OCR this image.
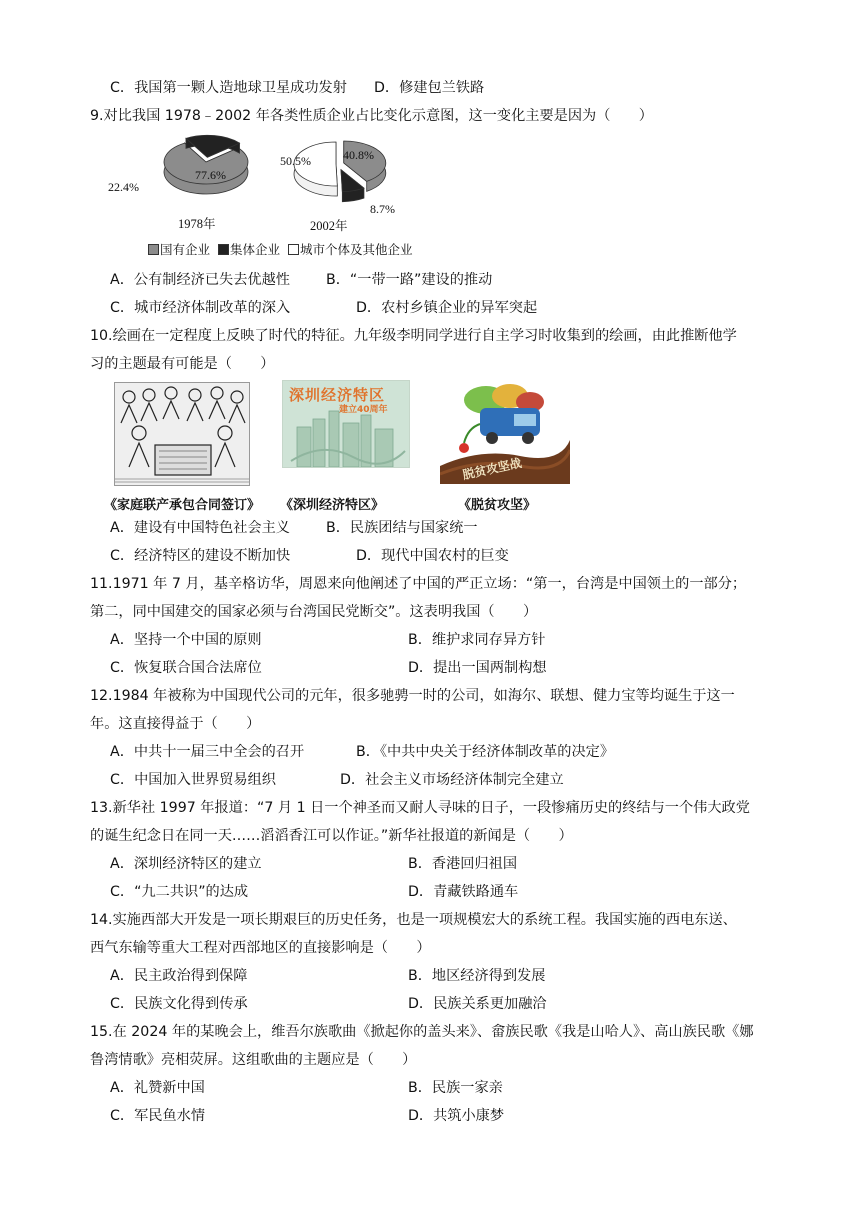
C．我国第一颗人造地球卫星成功发射 D．修建包兰铁路
9.对比我国 1978﹣2002 年各类性质企业占比变化示意图，这一变化主要是因为（　　）
22.4%
77.6%
1978年
50.5%	40.8%
8.7%
2002年
国有企业 集体企业 城市个体及其他企业
A．公有制经济已失去优越性	B．“一带一路”建设的推动
C．城市经济体制改革的深入	D．农村乡镇企业的异军突起
10.绘画在一定程度上反映了时代的特征。九年级李明同学进行自主学习时收集到的绘画，由此推断他学
习的主题最有可能是（　　）
深圳经济特区
建立40周年
脱贫攻坚战
《家庭联产承包合同签订》 《深圳经济特区》	《脱贫攻坚》
A．建设有中国特色社会主义	B．民族团结与国家统一
C．经济特区的建设不断加快	D．现代中国农村的巨变
11.1971 年 7 月，基辛格访华，周恩来向他阐述了中国的严正立场：“第一，台湾是中国领土的一部分；
第二，同中国建交的国家必须与台湾国民党断交”。这表明我国（　　）
A．坚持一个中国的原则	B．维护求同存异方针
C．恢复联合国合法席位	D．提出一国两制构想
12.1984 年被称为中国现代公司的元年，很多驰骋一时的公司，如海尔、联想、健力宝等均诞生于这一
年。这直接得益于（　　）
A．中共十一届三中全会的召开	B．《中共中央关于经济体制改革的决定》
C．中国加入世界贸易组织	D．社会主义市场经济体制完全建立
13.新华社 1997 年报道：“7 月 1 日一个神圣而又耐人寻味的日子，一段惨痛历史的终结与一个伟大政党
的诞生纪念日在同一天……滔滔香江可以作证。”新华社报道的新闻是（　　）
A．深圳经济特区的建立	B．香港回归祖国
C．“九二共识”的达成	D．青藏铁路通车
14.实施西部大开发是一项长期艰巨的历史任务，也是一项规模宏大的系统工程。我国实施的西电东送、
西气东输等重大工程对西部地区的直接影响是（　　）
A．民主政治得到保障	B．地区经济得到发展
C．民族文化得到传承	D．民族关系更加融洽
15.在 2024 年的某晚会上，维吾尔族歌曲《掀起你的盖头来》、畲族民歌《我是山哈人》、高山族民歌《娜
鲁湾情歌》亮相荧屏。这组歌曲的主题应是（　　）
A．礼赞新中国	B．民族一家亲
C．军民鱼水情	D．共筑小康梦
